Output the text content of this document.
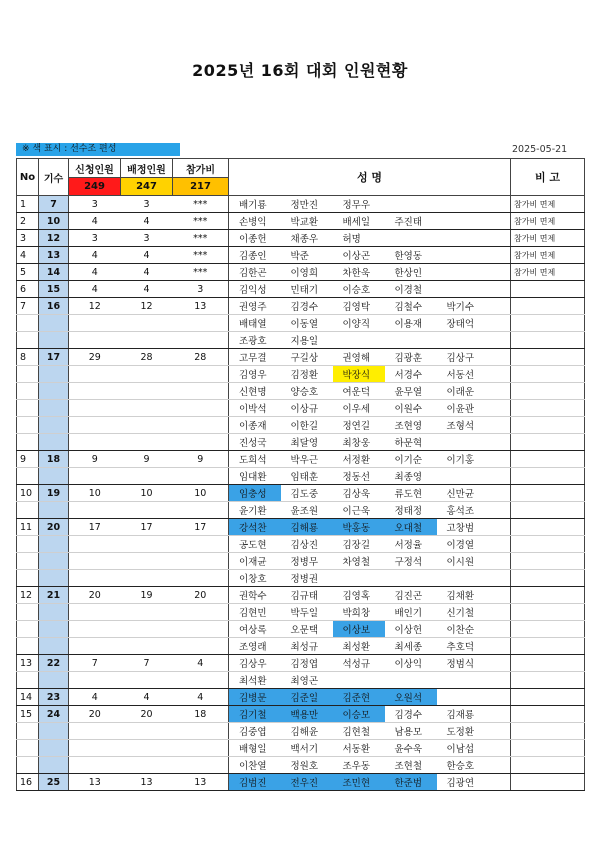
2025년 16회 대회 인원현황
※ 색 표시 : 선수조 편성	2025-05-21
No	기수	신청인원	배정인원	참가비	성 명					비 고
		249	247	217						
1	7	3	3	***	배기룡	정만진	정무우			참가비 면제
2	10	4	4	***	손병익	박교환	배세일	주진태		참가비 면제
3	12	3	3	***	이종헌	채종우	허명			참가비 면제
4	13	4	4	***	김종인	박준	이상곤	한영동		참가비 면제
5	14	4	4	***	김한곤	이영희	차한욱	한상인		참가비 면제
6	15	4	4	3	김익성	민태기	이승호	이경철		
7	16	12	12	13	권영주	김경수	김영탁	김철수	박기수	
					배태열	이동열	이양직	이용재	장태억	
					조광호	지용일				
8	17	29	28	28	고무결	구길상	권영해	김광훈	김상구	
					김영우	김정환	박장식	서경수	서동선	
					신현명	양승호	여운덕	윤무열	이래운	
					이박석	이상규	이우세	이원수	이윤관	
					이종재	이한길	정연길	조현영	조형석	
					진성국	최달영	최창웅	하문혁		
9	18	9	9	9	도희석	박우근	서정환	이기순	이기홍	
					임대환	임태훈	정동선	최종영		
10	19	10	10	10	임충성	김도중	김상욱	류도현	신만균	
					윤기환	윤조원	이근욱	정태정	홍석조	
11	20	17	17	17	강석찬	김해룡	박홍동	오대철	고창범	
					공도현	김상진	김장길	서정율	이경열	
					이재균	정병무	차영철	구정석	이시원	
					이창호	정병권				
12	21	20	19	20	권학수	김규태	김영혹	김진곤	김채환	
					김현민	박두일	박희창	배인기	신기철	
					여상록	오문택	이상보	이상헌	이찬순	
					조영래	최성규	최성환	최세종	추호덕	
13	22	7	7	4	김상우	김정엽	석성규	이상익	정범식	
					최석환	최영곤				
14	23	4	4	4	김병문	김준일	김준현	오원석		
15	24	20	20	18	김기철	백용만	이승모	김경수	김재룡	
					김중엽	김해윤	김현철	남용모	도정환	
					배형일	백서기	서동환	윤수욱	이남섭	
					이찬열	정원호	조우동	조현철	한승호	
16	25	13	13	13	김범진	전우진	조민현	한준범	김광연	
